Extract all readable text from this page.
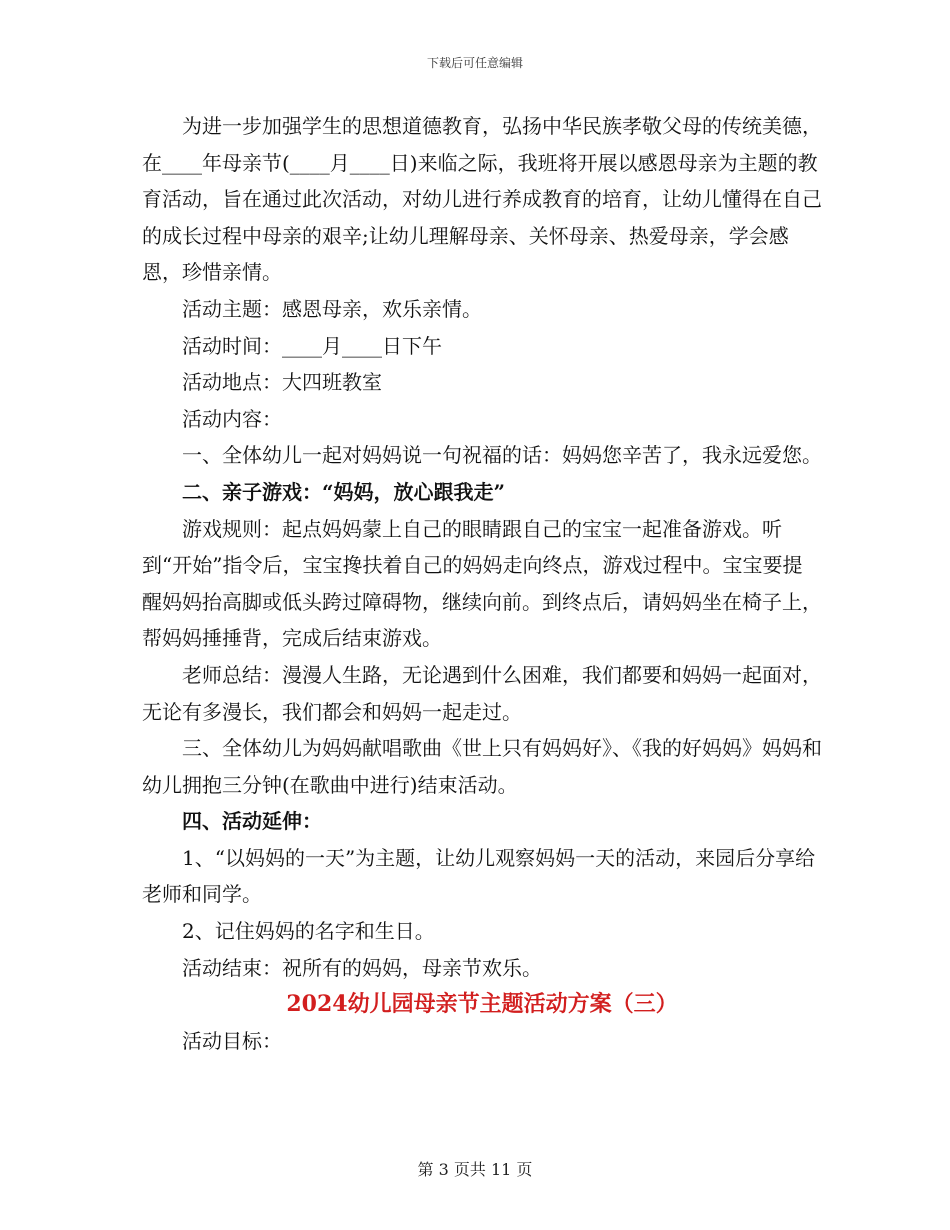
下载后可任意编辑

为进一步加强学生的思想道德教育，弘扬中华民族孝敬父母的传统美德，在____年母亲节(____月____日)来临之际，我班将开展以感恩母亲为主题的教育活动，旨在通过此次活动，对幼儿进行养成教育的培育，让幼儿懂得在自己的成长过程中母亲的艰辛;让幼儿理解母亲、关怀母亲、热爱母亲，学会感恩，珍惜亲情。

活动主题：感恩母亲，欢乐亲情。

活动时间：____月____日下午

活动地点：大四班教室

活动内容：

一、全体幼儿一起对妈妈说一句祝福的话：妈妈您辛苦了，我永远爱您。

二、亲子游戏：“妈妈，放心跟我走”

游戏规则：起点妈妈蒙上自己的眼睛跟自己的宝宝一起准备游戏。听到“开始”指令后，宝宝搀扶着自己的妈妈走向终点，游戏过程中。宝宝要提醒妈妈抬高脚或低头跨过障碍物，继续向前。到终点后，请妈妈坐在椅子上，帮妈妈捶捶背，完成后结束游戏。

老师总结：漫漫人生路，无论遇到什么困难，我们都要和妈妈一起面对，无论有多漫长，我们都会和妈妈一起走过。

三、全体幼儿为妈妈献唱歌曲《世上只有妈妈好》、《我的好妈妈》妈妈和幼儿拥抱三分钟(在歌曲中进行)结束活动。

四、活动延伸：

1、“以妈妈的一天”为主题，让幼儿观察妈妈一天的活动，来园后分享给老师和同学。

2、记住妈妈的名字和生日。

活动结束：祝所有的妈妈，母亲节欢乐。

2024幼儿园母亲节主题活动方案（三）

活动目标：

第 3 页共 11 页
